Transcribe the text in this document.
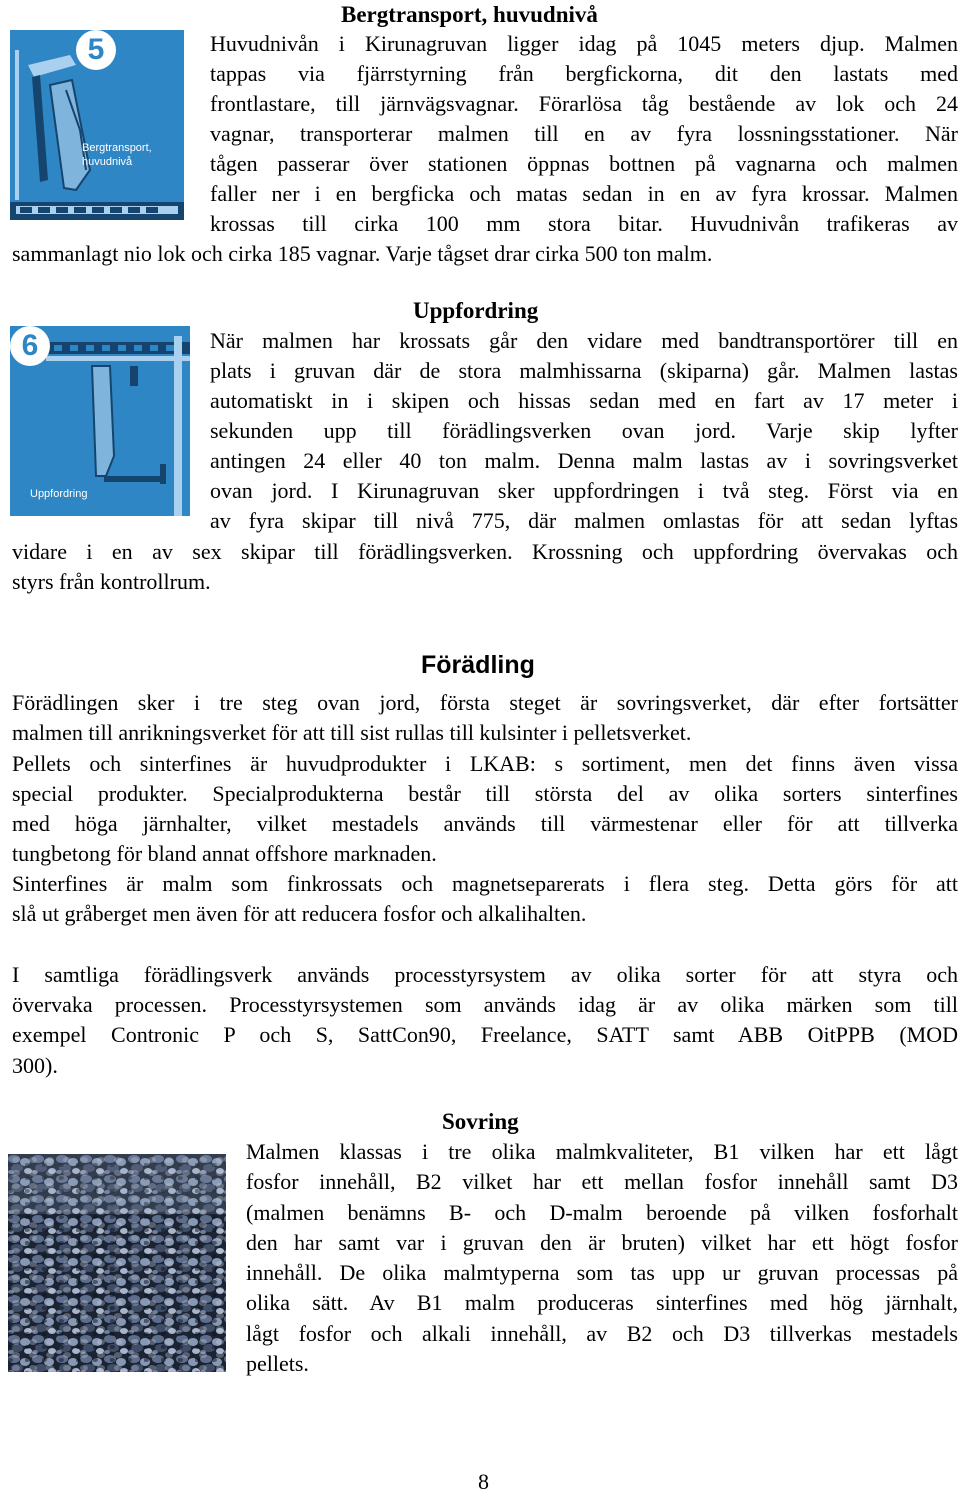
Bergtransport, huvudnivå
5
Bergtransport,
huvudnivå
Huvudnivån i Kirunagruvan ligger idag på 1045 meters djup. Malmen
tappas via fjärrstyrning från bergfickorna, dit den lastats med
frontlastare, till järnvägsvagnar. Förarlösa tåg bestående av lok och 24
vagnar, transporterar malmen till en av fyra lossningsstationer. När
tågen passerar över stationen öppnas bottnen på vagnarna och malmen
faller ner i en bergficka och matas sedan in en av fyra krossar. Malmen
krossas till cirka 100 mm stora bitar. Huvudnivån trafikeras av
sammanlagt nio lok och cirka 185 vagnar. Varje tågset drar cirka 500 ton malm.
Uppfordring
6
Uppfordring
När malmen har krossats går den vidare med bandtransportörer till en
plats i gruvan där de stora malmhissarna (skiparna) går. Malmen lastas
automatiskt in i skipen och hissas sedan med en fart av 17 meter i
sekunden upp till förädlingsverken ovan jord. Varje skip lyfter
antingen 24 eller 40 ton malm. Denna malm lastas av i sovringsverket
ovan jord. I Kirunagruvan sker uppfordringen i två steg. Först via en
av fyra skipar till nivå 775, där malmen omlastas för att sedan lyftas
vidare i en av sex skipar till förädlingsverken. Krossning och uppfordring övervakas och
styrs från kontrollrum.
Förädling
Förädlingen sker i tre steg ovan jord, första steget är sovringsverket, där efter fortsätter
malmen till anrikningsverket för att till sist rullas till kulsinter i pelletsverket.
Pellets och sinterfines är huvudprodukter i LKAB: s sortiment, men det finns även vissa
special produkter. Specialprodukterna består till största del av olika sorters sinterfines
med höga järnhalter, vilket mestadels används till värmestenar eller för att tillverka
tungbetong för bland annat offshore marknaden.
Sinterfines är malm som finkrossats och magnetseparerats i flera steg. Detta görs för att
slå ut gråberget men även för att reducera fosfor och alkalihalten.
I samtliga förädlingsverk används processtyrsystem av olika sorter för att styra och
övervaka processen. Processtyrsystemen som används idag är av olika märken som till
exempel Contronic P och S, SattCon90, Freelance, SATT samt ABB OitPPB (MOD
300).
Sovring
Malmen klassas i tre olika malmkvaliteter, B1 vilken har ett lågt
fosfor innehåll, B2 vilket har ett mellan fosfor innehåll samt D3
(malmen benämns B- och D-malm beroende på vilken fosforhalt
den har samt var i gruvan den är bruten) vilket har ett högt fosfor
innehåll. De olika malmtyperna som tas upp ur gruvan processas på
olika sätt. Av B1 malm produceras sinterfines med hög järnhalt,
lågt fosfor och alkali innehåll, av B2 och D3 tillverkas mestadels
pellets.
8
